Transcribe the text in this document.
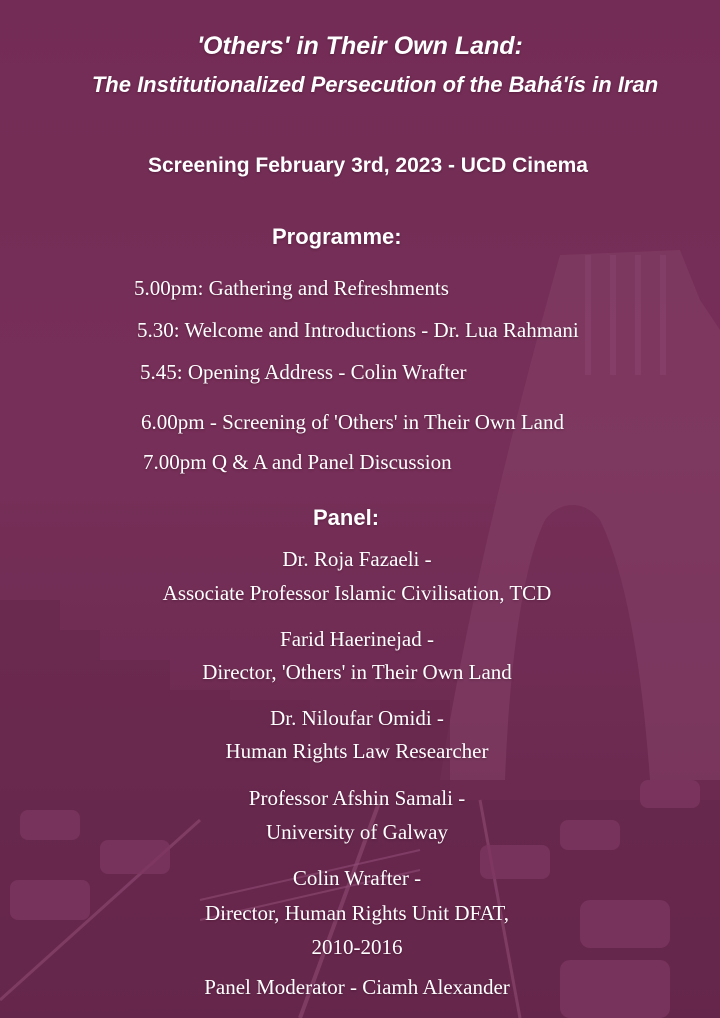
'Others' in Their Own Land:
The Institutionalized Persecution of the Bahá'ís in Iran
Screening February 3rd, 2023 - UCD Cinema
Programme:
5.00pm: Gathering and Refreshments
5.30: Welcome and Introductions - Dr. Lua Rahmani
5.45: Opening Address - Colin Wrafter
6.00pm - Screening of 'Others' in Their Own Land
7.00pm Q & A and Panel Discussion
Panel:
Dr. Roja Fazaeli -
Associate Professor Islamic Civilisation, TCD
Farid Haerinejad -
Director, 'Others' in Their Own Land
Dr. Niloufar Omidi -
Human Rights Law Researcher
Professor Afshin Samali -
University of Galway
Colin Wrafter -
Director, Human Rights Unit DFAT,
2010-2016
Panel Moderator - Ciamh Alexander
